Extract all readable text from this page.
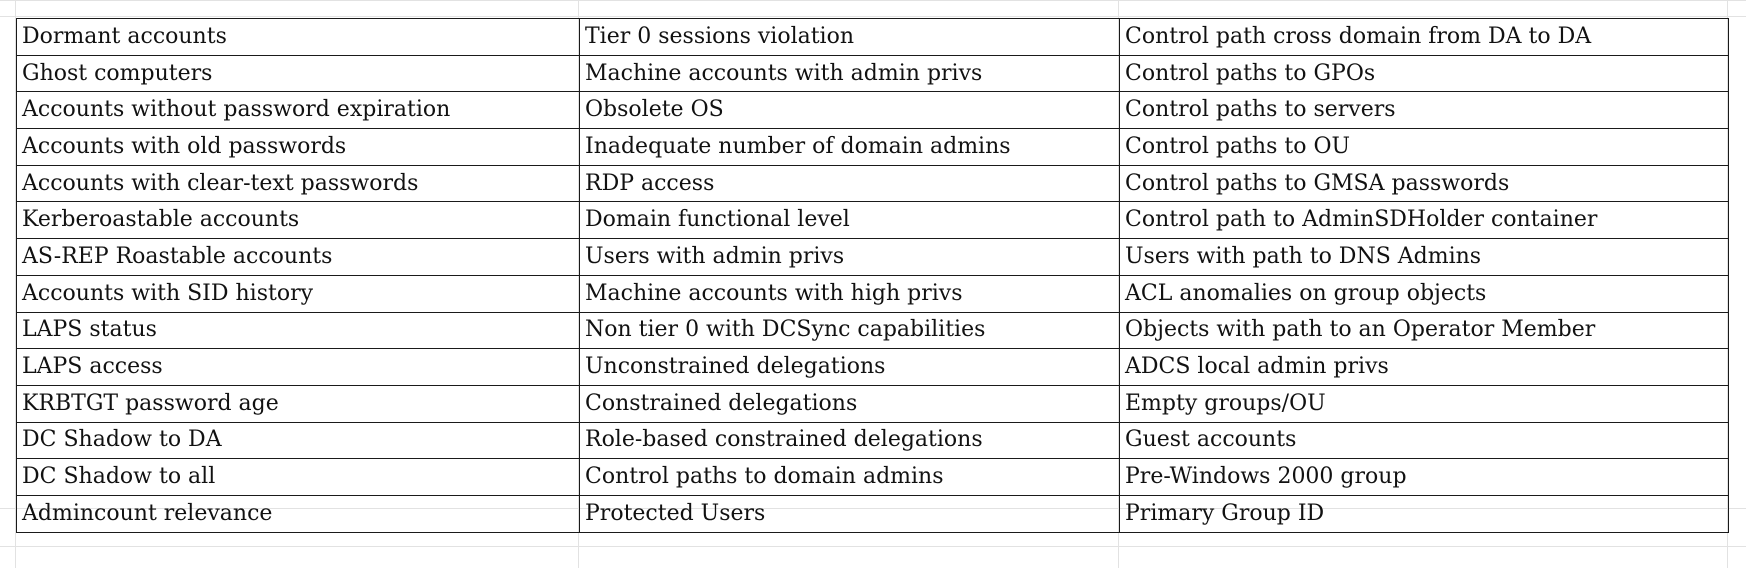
Dormant accounts	Tier 0 sessions violation	Control path cross domain from DA to DA
Ghost computers	Machine accounts with admin privs	Control paths to GPOs
Accounts without password expiration	Obsolete OS	Control paths to servers
Accounts with old passwords	Inadequate number of domain admins	Control paths to OU
Accounts with clear-text passwords	RDP access	Control paths to GMSA passwords
Kerberoastable accounts	Domain functional level	Control path to AdminSDHolder container
AS-REP Roastable accounts	Users with admin privs	Users with path to DNS Admins
Accounts with SID history	Machine accounts with high privs	ACL anomalies on group objects
LAPS status	Non tier 0 with DCSync capabilities	Objects with path to an Operator Member
LAPS access	Unconstrained delegations	ADCS local admin privs
KRBTGT password age	Constrained delegations	Empty groups/OU
DC Shadow to DA	Role-based constrained delegations	Guest accounts
DC Shadow to all	Control paths to domain admins	Pre-Windows 2000 group
Admincount relevance	Protected Users	Primary Group ID
